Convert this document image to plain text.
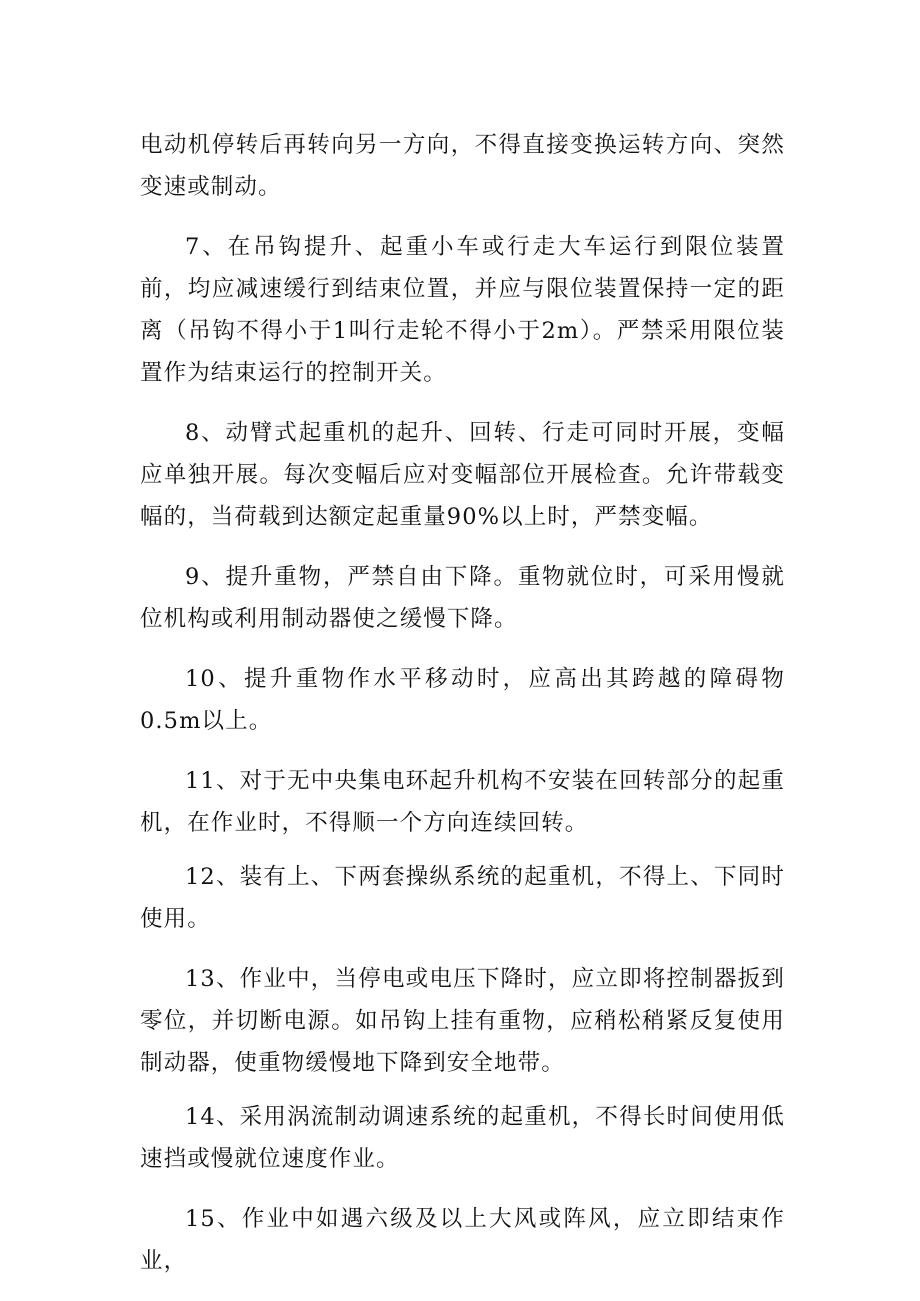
电动机停转后再转向另一方向，不得直接变换运转方向、突然变速或制动。

7、在吊钩提升、起重小车或行走大车运行到限位装置前，均应减速缓行到结束位置，并应与限位装置保持一定的距离（吊钩不得小于1叫行走轮不得小于2m）。严禁采用限位装置作为结束运行的控制开关。

8、动臂式起重机的起升、回转、行走可同时开展，变幅应单独开展。每次变幅后应对变幅部位开展检查。允许带载变幅的，当荷载到达额定起重量90%以上时，严禁变幅。

9、提升重物，严禁自由下降。重物就位时，可采用慢就位机构或利用制动器使之缓慢下降。

10、提升重物作水平移动时，应高出其跨越的障碍物0.5m以上。

11、对于无中央集电环起升机构不安装在回转部分的起重机，在作业时，不得顺一个方向连续回转。

12、装有上、下两套操纵系统的起重机，不得上、下同时使用。

13、作业中，当停电或电压下降时，应立即将控制器扳到零位，并切断电源。如吊钩上挂有重物，应稍松稍紧反复使用制动器，使重物缓慢地下降到安全地带。

14、采用涡流制动调速系统的起重机，不得长时间使用低速挡或慢就位速度作业。

15、作业中如遇六级及以上大风或阵风，应立即结束作业，
